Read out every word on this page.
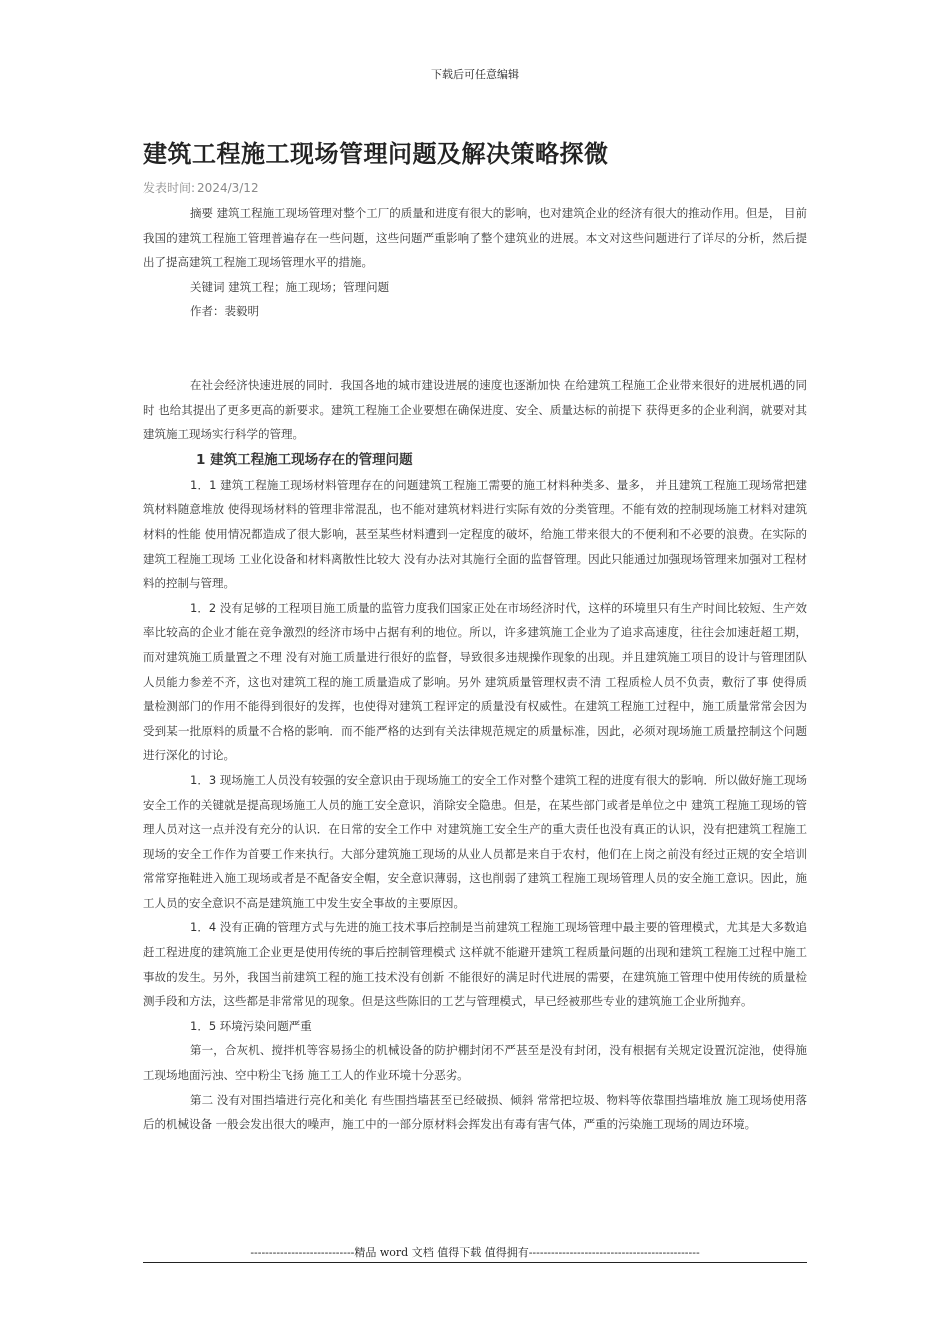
下载后可任意编辑
建筑工程施工现场管理问题及解决策略探微
发表时间: 2024/3/12

摘要 建筑工程施工现场管理对整个工厂的质量和进度有很大的影响，也对建筑企业的经济有很大的推动作用。但是， 目前我国的建筑工程施工管理普遍存在一些问题，这些问题严重影响了整个建筑业的进展。本文对这些问题进行了详尽的分析，然后提出了提高建筑工程施工现场管理水平的措施。

关键词 建筑工程；施工现场；管理问题
作者：裴毅明

在社会经济快速进展的同时．我国各地的城市建设进展的速度也逐渐加快 在给建筑工程施工企业带来很好的进展机遇的同时 也给其提出了更多更高的新要求。建筑工程施工企业要想在确保进度、安全、质量达标的前提下 获得更多的企业利润，就要对其建筑施工现场实行科学的管理。

1 建筑工程施工现场存在的管理问题

1．1 建筑工程施工现场材料管理存在的问题建筑工程施工需要的施工材料种类多、量多， 并且建筑工程施工现场常把建筑材料随意堆放 使得现场材料的管理非常混乱，也不能对建筑材料进行实际有效的分类管理。不能有效的控制现场施工材料对建筑材料的性能 使用情况都造成了很大影响，甚至某些材料遭到一定程度的破坏，给施工带来很大的不便利和不必要的浪费。在实际的建筑工程施工现场 工业化设备和材料离散性比较大 没有办法对其施行全面的监督管理。因此只能通过加强现场管理来加强对工程材料的控制与管理。

1．2 没有足够的工程项目施工质量的监管力度我们国家正处在市场经济时代，这样的环境里只有生产时间比较短、生产效率比较高的企业才能在竞争激烈的经济市场中占据有利的地位。所以，许多建筑施工企业为了追求高速度，往往会加速赶超工期，而对建筑施工质量置之不理 没有对施工质量进行很好的监督，导致很多违规操作现象的出现。并且建筑施工项目的设计与管理团队人员能力参差不齐，这也对建筑工程的施工质量造成了影响。另外 建筑质量管理权责不清 工程质检人员不负责，敷衍了事 使得质量检测部门的作用不能得到很好的发挥，也使得对建筑工程评定的质量没有权威性。在建筑工程施工过程中，施工质量常常会因为受到某一批原料的质量不合格的影响．而不能严格的达到有关法律规范规定的质量标准，因此，必须对现场施工质量控制这个问题进行深化的讨论。

1．3 现场施工人员没有较强的安全意识由于现场施工的安全工作对整个建筑工程的进度有很大的影响．所以做好施工现场安全工作的关键就是提高现场施工人员的施工安全意识，消除安全隐患。但是，在某些部门或者是单位之中 建筑工程施工现场的管理人员对这一点并没有充分的认识．在日常的安全工作中 对建筑施工安全生产的重大责任也没有真正的认识，没有把建筑工程施工现场的安全工作作为首要工作来执行。大部分建筑施工现场的从业人员都是来自于农村，他们在上岗之前没有经过正规的安全培训 常常穿拖鞋进入施工现场或者是不配备安全帽，安全意识薄弱，这也削弱了建筑工程施工现场管理人员的安全施工意识。因此，施工人员的安全意识不高是建筑施工中发生安全事故的主要原因。

1．4 没有正确的管理方式与先进的施工技术事后控制是当前建筑工程施工现场管理中最主要的管理模式，尤其是大多数追赶工程进度的建筑施工企业更是使用传统的事后控制管理模式 这样就不能避开建筑工程质量问题的出现和建筑工程施工过程中施工事故的发生。另外，我国当前建筑工程的施工技术没有创新 不能很好的满足时代进展的需要，在建筑施工管理中使用传统的质量检测手段和方法，这些都是非常常见的现象。但是这些陈旧的工艺与管理模式，早已经被那些专业的建筑施工企业所抛弃。

1．5 环境污染问题严重

第一，合灰机、搅拌机等容易扬尘的机械设备的防护棚封闭不严甚至是没有封闭，没有根据有关规定设置沉淀池，使得施工现场地面污浊、空中粉尘飞扬 施工工人的作业环境十分恶劣。

第二 没有对围挡墙进行亮化和美化 有些围挡墙甚至已经破损、倾斜 常常把垃圾、物料等依靠围挡墙堆放 施工现场使用落后的机械设备 一般会发出很大的噪声，施工中的一部分原材料会挥发出有毒有害气体，严重的污染施工现场的周边环境。

----------------------------精品 word 文档 值得下载 值得拥有----------------------------------------------
